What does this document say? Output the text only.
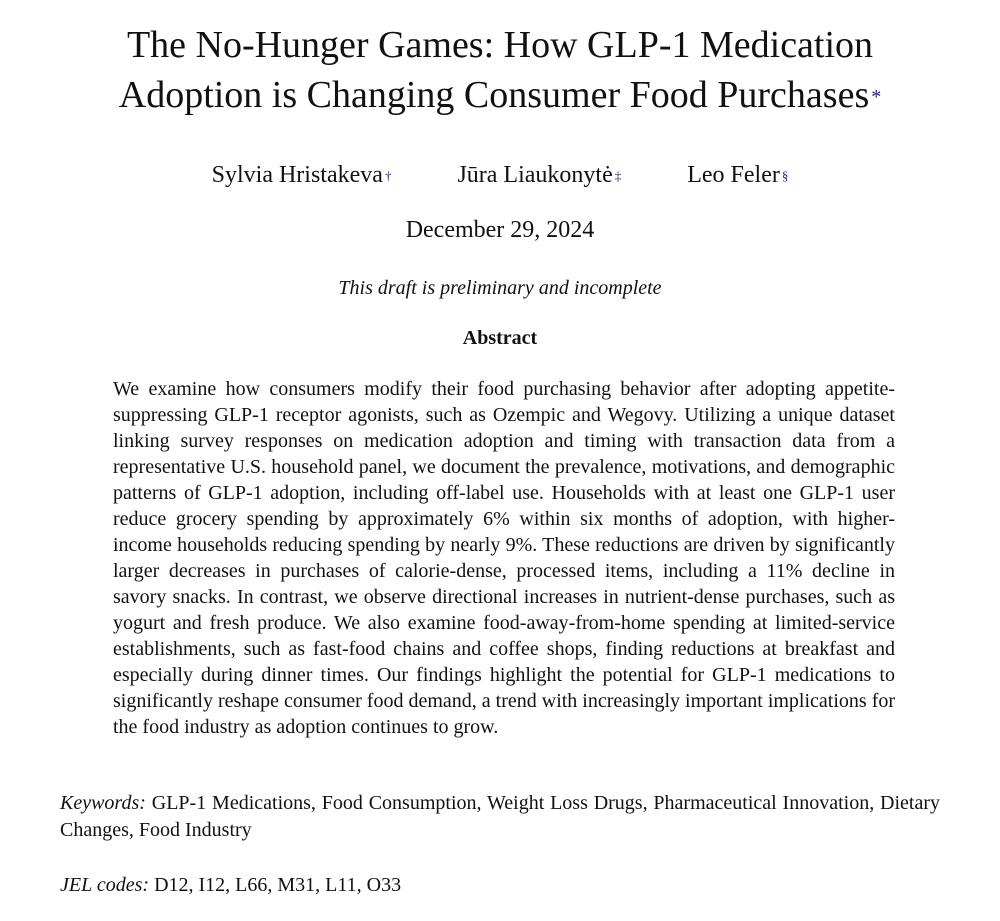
The No-Hunger Games: How GLP-1 Medication
Adoption is Changing Consumer Food Purchases *
Sylvia Hristakeva †	Jūra Liaukonytė ‡	Leo Feler §
December 29, 2024
This draft is preliminary and incomplete
Abstract

We examine how consumers modify their food purchasing behavior after adopting appetite-suppressing GLP-1 receptor agonists, such as Ozempic and Wegovy. Utilizing a unique dataset linking survey responses on medication adoption and timing with transaction data from a representative U.S. household panel, we document the prevalence, motivations, and demographic patterns of GLP-1 adoption, including off-label use. Households with at least one GLP-1 user reduce grocery spending by approximately 6% within six months of adoption, with higher-income households reducing spending by nearly 9%. These reductions are driven by significantly larger decreases in purchases of calorie-dense, processed items, including a 11% decline in savory snacks. In contrast, we observe directional increases in nutrient-dense purchases, such as yogurt and fresh produce. We also examine food-away-from-home spending at limited-service establishments, such as fast-food chains and coffee shops, finding reductions at breakfast and especially during dinner times. Our findings highlight the potential for GLP-1 medications to significantly reshape consumer food demand, a trend with increasingly important implications for the food industry as adoption continues to grow.

Keywords: GLP-1 Medications, Food Consumption, Weight Loss Drugs, Pharmaceutical Innovation, Dietary Changes, Food Industry

JEL codes: D12, I12, L66, M31, L11, O33
